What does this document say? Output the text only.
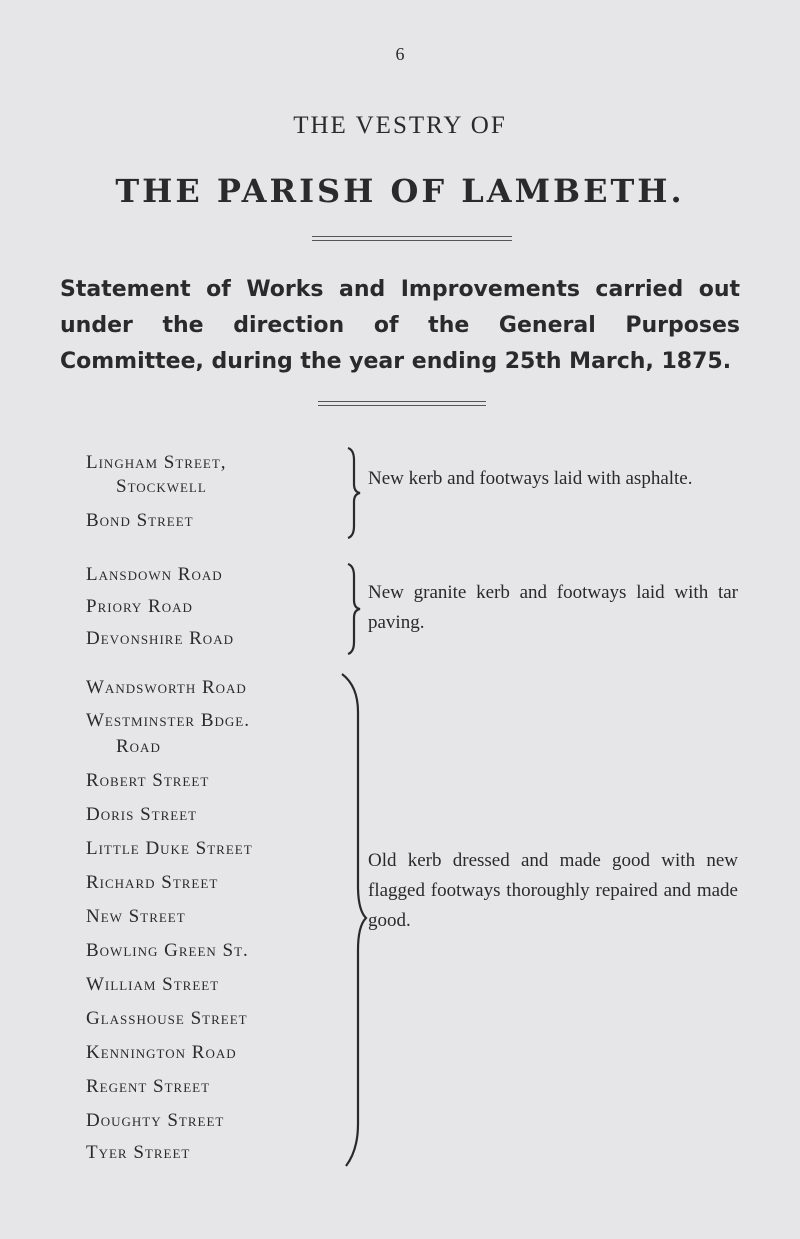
6
THE VESTRY OF
THE PARISH OF LAMBETH.
Statement of Works and Improvements carried out under the direction of the General Purposes Committee, during the year ending 25th March, 1875.
Lingham Street,
Stockwell
Bond Street
New kerb and footways laid with asphalte.
Lansdown Road
Priory Road
Devonshire Road
New granite kerb and footways laid with tar paving.
Wandsworth Road
Westminster Bdge.
Road
Robert Street
Doris Street
Little Duke Street
Richard Street
New Street
Bowling Green St.
William Street
Glasshouse Street
Kennington Road
Regent Street
Doughty Street
Tyer Street
Old kerb dressed and made good with new flagged footways thoroughly repaired and made good.
